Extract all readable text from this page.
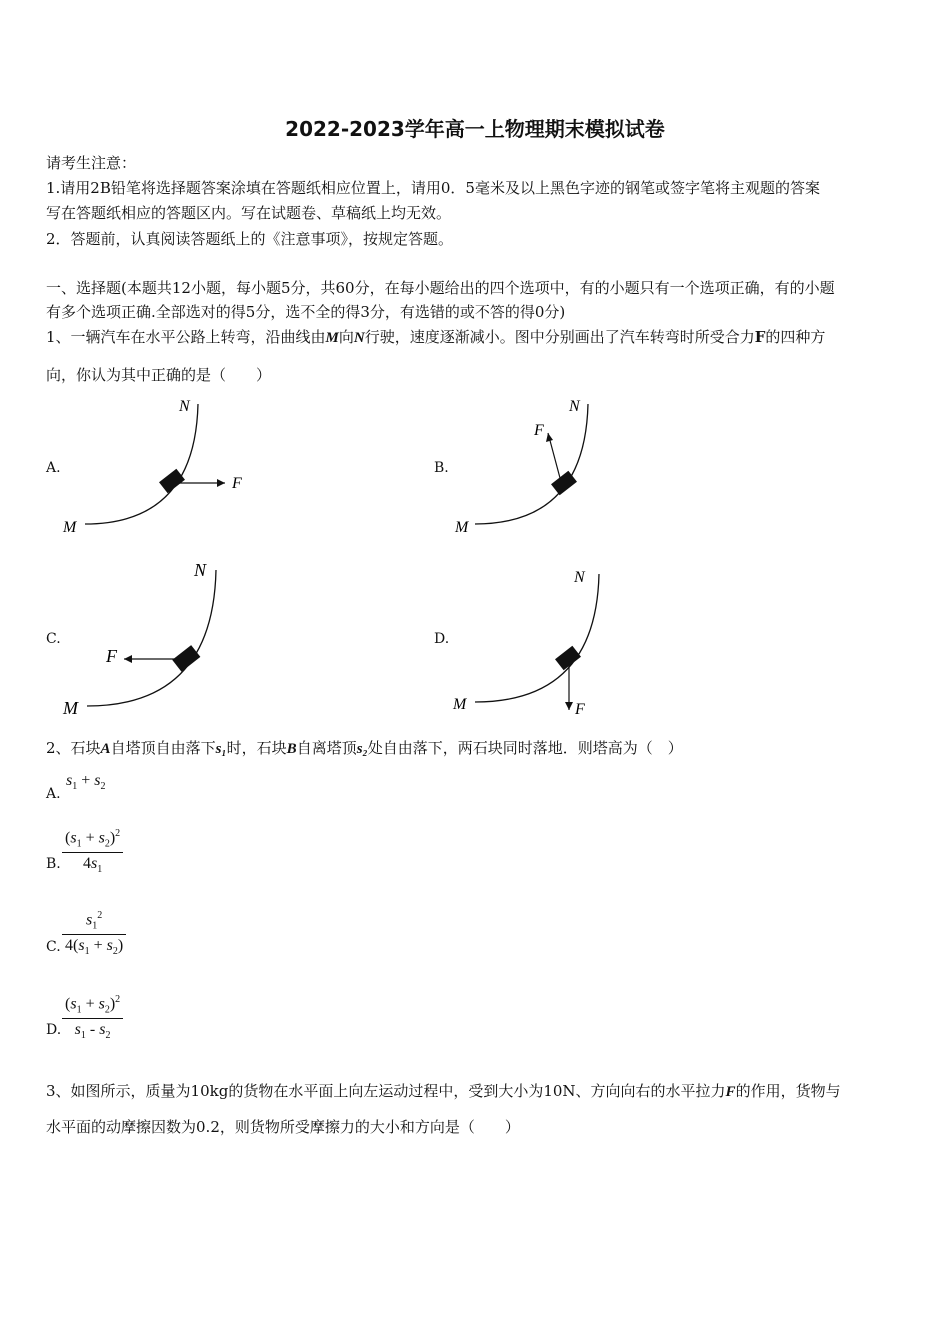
2022-2023学年高一上物理期末模拟试卷
请考生注意：
1.请用2B铅笔将选择题答案涂填在答题纸相应位置上，请用0．5毫米及以上黑色字迹的钢笔或签字笔将主观题的答案
写在答题纸相应的答题区内。写在试题卷、草稿纸上均无效。
2．答题前，认真阅读答题纸上的《注意事项》，按规定答题。
一、选择题(本题共12小题，每小题5分，共60分，在每小题给出的四个选项中，有的小题只有一个选项正确，有的小题
有多个选项正确.全部选对的得5分，选不全的得3分，有选错的或不答的得0分)
1、一辆汽车在水平公路上转弯，沿曲线由M向N行驶，速度逐渐减小。图中分别画出了汽车转弯时所受合力F的四种方
向，你认为其中正确的是（　　）
A.
N
M
F
B.
N
M
F
C.
N
M
F
D.
N
M	F
2、石块A自塔顶自由落下s₁时，石块B自离塔顶s₂处自由落下，两石块同时落地．则塔高为（　）
A.
$s_1 + s_2$
B. $\frac{(s_1 + s_2)^2}{4s_1}$
C. $\frac{s_1^2}{4(s_1 + s_2)}$
D. $\frac{(s_1 + s_2)^2}{s_1 - s_2}$
3、如图所示，质量为10kg的货物在水平面上向左运动过程中，受到大小为10N、方向向右的水平拉力F的作用，货物与
水平面的动摩擦因数为0.2，则货物所受摩擦力的大小和方向是（　　）
